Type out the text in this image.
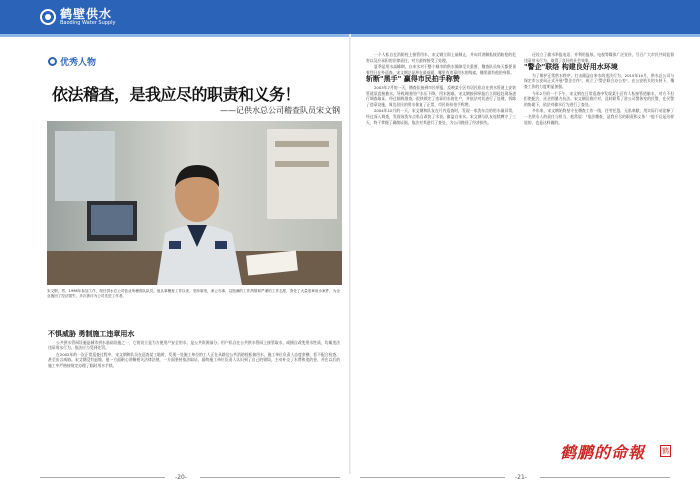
鹤壁供水
Baoding Water Supply
优秀人物
依法稽查，是我应尽的职责和义务！
——记供水总公司稽查队员宋文钢
宋文钢，男，1998年参加工作，现任供水总公司营业所稽查队队员。他从事稽查工作以来，坚持原则，秉公办事，以饱满的工作热情和严谨的工作态度，查处了大量违章用水案件，为企业挽回了经济损失，多次被评为公司先进工作者。
不惧威胁 勇制施工违章用水

公共供水管网设施是城市供水基础设施之一，它的设立是为方便用户安全用水，是公共资源部分。用户私自在公共供水管网上接管取水，或擅自改变用水性质，均属违法违章用水行为，依法应当受到处罚。

在2002年的一次正常巡查过程中，宋文钢和队员在巡查某工地时，发现一处施工单位的工人正在从路边公共消防栓私接用水，施工单位负责人态度蛮横，拒不配合检查，甚至出言威胁。宋文钢没有退缩，他一方面耐心讲解相关法律法规，一方面坚持依法取证，最终施工单位负责人认识到了自己的错误，主动补交了水费和违约金，并在以后的施工中严格按规定办理了临时用水手续。

一个人私自在消防栓上接管用水，宋文钢立即上前制止，并向其讲解私接消防栓的危害以及应承担的法律责任，对方最终接受了处理。

夏季是用水高峰期，自来水对于整个城市的供水保障至关重要，稽查队员每天都要顶着烈日在外巡查。宋文钢总是冲在最前面，哪里有违章用水的线索，哪里就有他的身影。

斩断"黑手" 赢得市民拍手称赞

2003年7月的一天，稽查队接到市民举报，反映某小区有居民私自在供水管道上安装管道泵直接抽水，导致周围用户水压下降，用水困难。宋文钢接到举报后立即赶赴现场进行调查取证，经过细致排查，很快锁定了违章用水的住户，并依法对其进行了处理，拆除了违章设施，周边居民的用水恢复了正常，市民纷纷拍手称赞。

2004年10月的一天，宋文钢和队友在片内巡查时，发现一家洗车点的用水量异常，经过深入调查，发现该洗车点私自改装了水表，偷盗自来水。宋文钢与队友连续蹲守了三天，终于掌握了确凿证据，依法对其进行了查处，为公司挽回了经济损失。

还设立了偷水举报电话，并利用报纸、电视等媒体广泛宣传，号召广大市民共同监督违章用水行为，取得了良好的社会效果。

"警企"联络 构建良好用水环境

为了维护正常供水秩序，打击偷盗自来水的违法行为，2015年10月，供水总公司与保定市公安局正式开展"警企合作"，成立了"警企联合办公室"，在公安机关的支持下，稽查工作的力度明显加强。

今年2月的一个下午，宋文钢在日常巡查中发现某小区有人私接管道偷水，对方不但拒绝配合，还企图暴力抗法。宋文钢沉着应对，及时联系了驻公司警务室的民警，在民警的协助下，依法对偷水行为进行了查处。

多年来，宋文钢始终坚守在稽查工作一线，任劳任怨，无私奉献，用实际行动诠释了一名供水人的责任与担当，他常说："依法稽查，是我应尽的职责和义务！"他不仅是这样说的，也是这样做的。

鹤鹏的命報 鹤
-20-	-21-
